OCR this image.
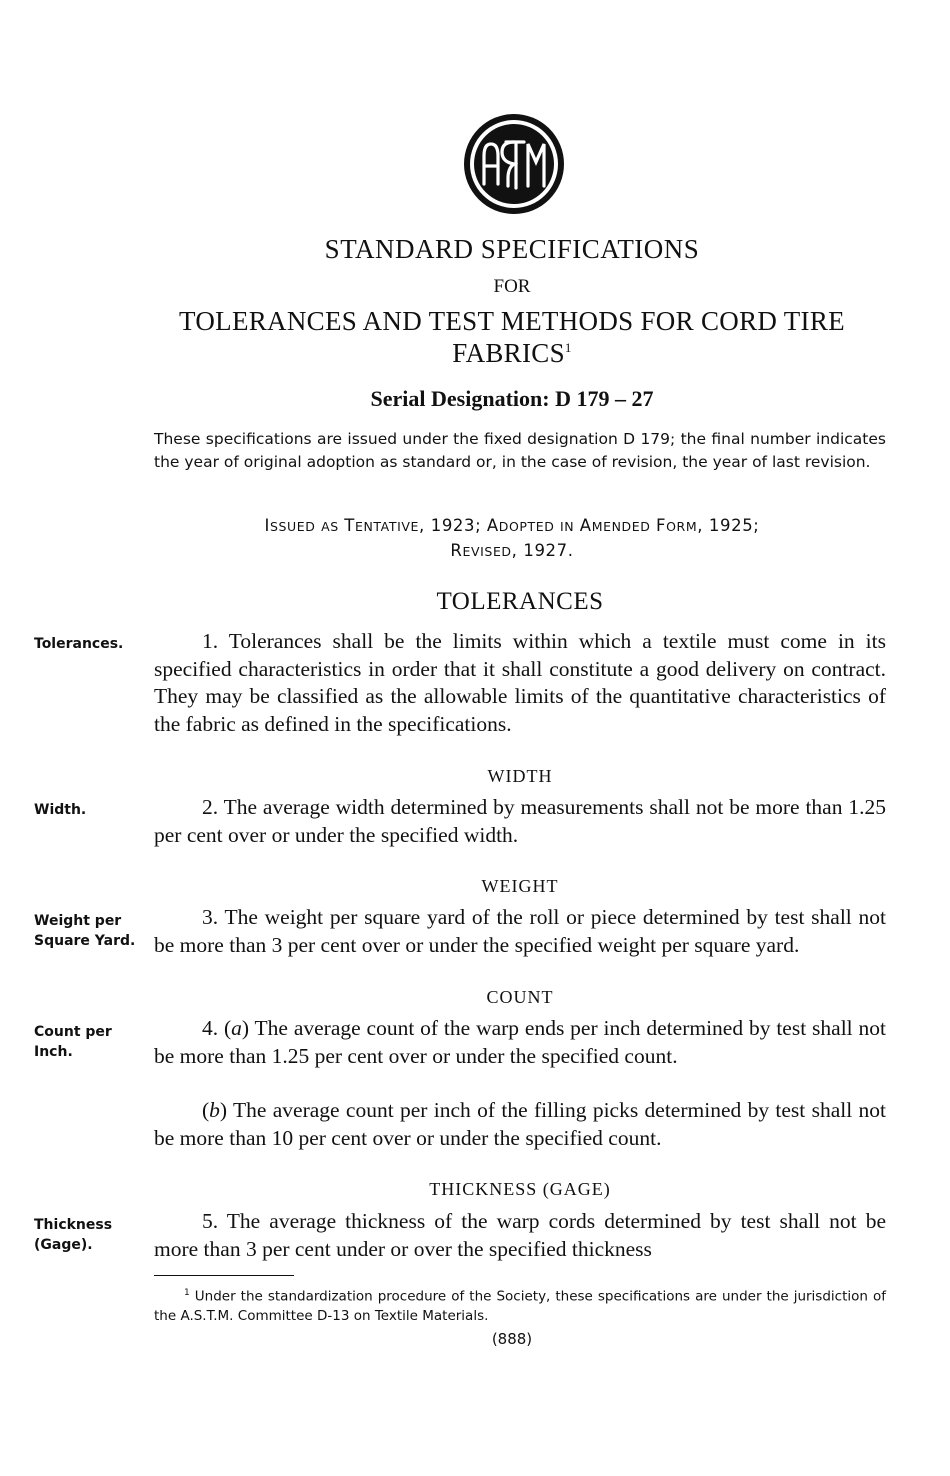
STANDARD SPECIFICATIONS
FOR
TOLERANCES AND TEST METHODS FOR CORD TIRE
FABRICS$^1$
Serial Designation: D 179 – 27
These specifications are issued under the fixed designation D 179; the final number indicates the year of original adoption as standard or, in the case of revision, the year of last revision.
ISSUED AS TENTATIVE, 1923; ADOPTED IN AMENDED FORM, 1925;
REVISED, 1927.
TOLERANCES
Tolerances.	1. Tolerances shall be the limits within which a textile must come in its specified characteristics in order that it shall constitute a good delivery on contract. They may be classified as the allowable limits of the quantitative characteristics of the fabric as defined in the specifications.
WIDTH
Width.	2. The average width determined by measurements shall not be more than 1.25 per cent over or under the specified width.
WEIGHT
Weight per
Square Yard.
3. The weight per square yard of the roll or piece determined by test shall not be more than 3 per cent over or under the specified weight per square yard.
COUNT
Count per
Inch.
4. (a) The average count of the warp ends per inch determined by test shall not be more than 1.25 per cent over or under the specified count.
(b) The average count per inch of the filling picks determined by test shall not be more than 10 per cent over or under the specified count.
THICKNESS (GAGE)
Thickness
(Gage).
5. The average thickness of the warp cords determined by test shall not be more than 3 per cent under or over the specified thickness
$^1$ Under the standardization procedure of the Society, these specifications are under the jurisdiction of the A.S.T.M. Committee D-13 on Textile Materials.
(888)
